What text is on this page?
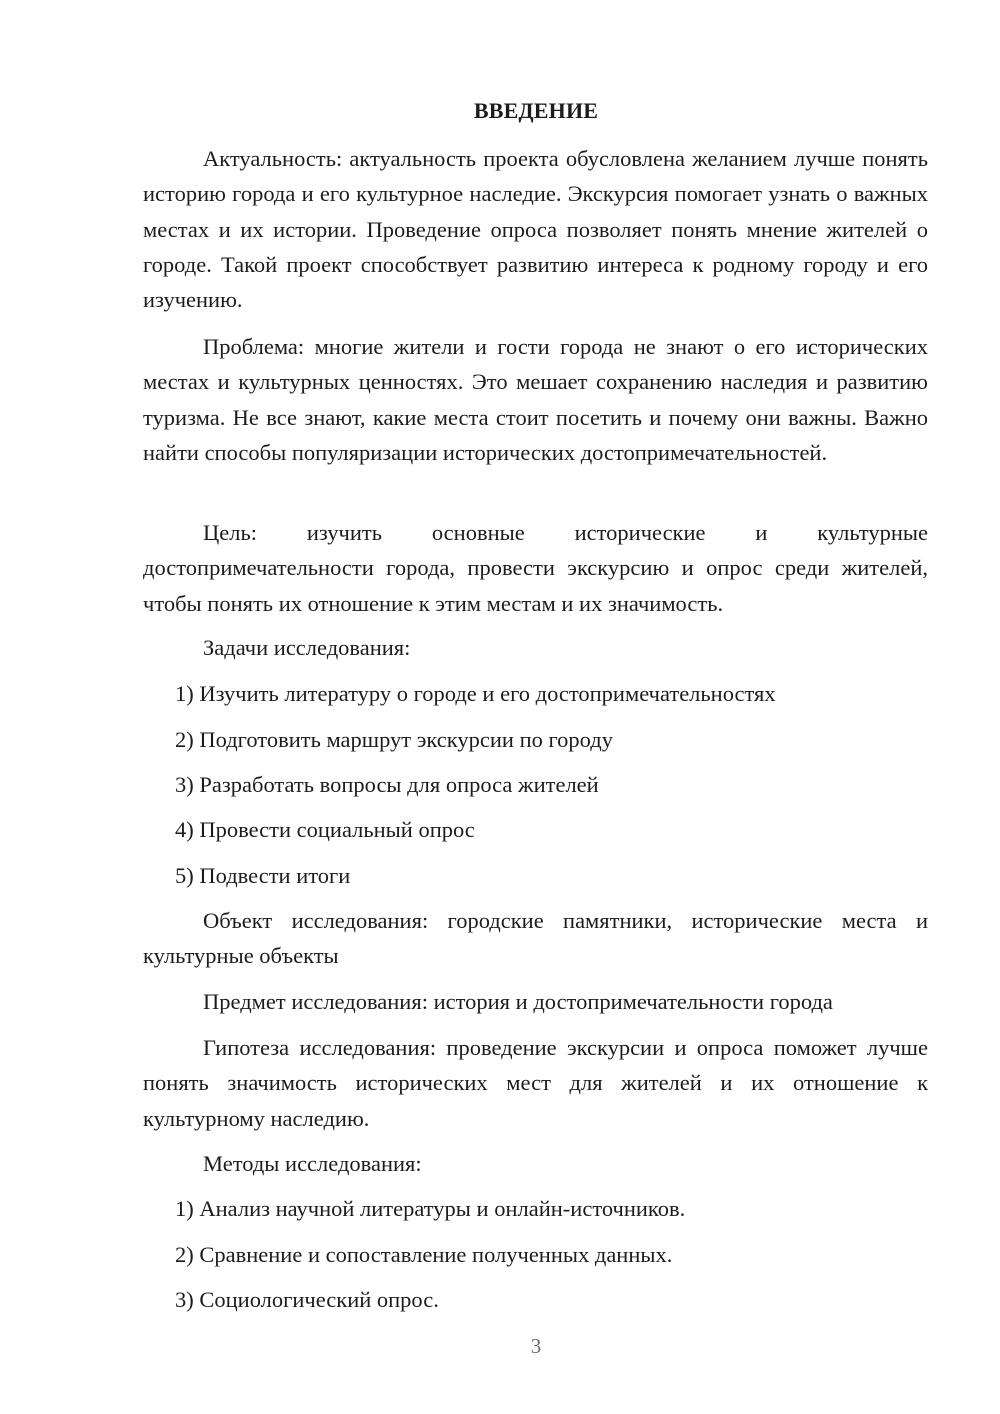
ВВЕДЕНИЕ

Актуальность: актуальность проекта обусловлена желанием лучше понять историю города и его культурное наследие. Экскурсия помогает узнать о важных местах и их истории. Проведение опроса позволяет понять мнение жителей о городе. Такой проект способствует развитию интереса к родному городу и его изучению.

Проблема: многие жители и гости города не знают о его исторических местах и культурных ценностях. Это мешает сохранению наследия и развитию туризма. Не все знают, какие места стоит посетить и почему они важны. Важно найти способы популяризации исторических достопримечательностей.

Цель: изучить основные исторические и культурные достопримечательности города, провести экскурсию и опрос среди жителей, чтобы понять их отношение к этим местам и их значимость.

Задачи исследования:

1) Изучить литературу о городе и его достопримечательностях

2) Подготовить маршрут экскурсии по городу

3) Разработать вопросы для опроса жителей

4) Провести социальный опрос

5) Подвести итоги

Объект исследования: городские памятники, исторические места и культурные объекты

Предмет исследования: история и достопримечательности города

Гипотеза исследования: проведение экскурсии и опроса поможет лучше понять значимость исторических мест для жителей и их отношение к культурному наследию.

Методы исследования:

1) Анализ научной литературы и онлайн-источников.

2) Сравнение и сопоставление полученных данных.

3) Социологический опрос.

3
